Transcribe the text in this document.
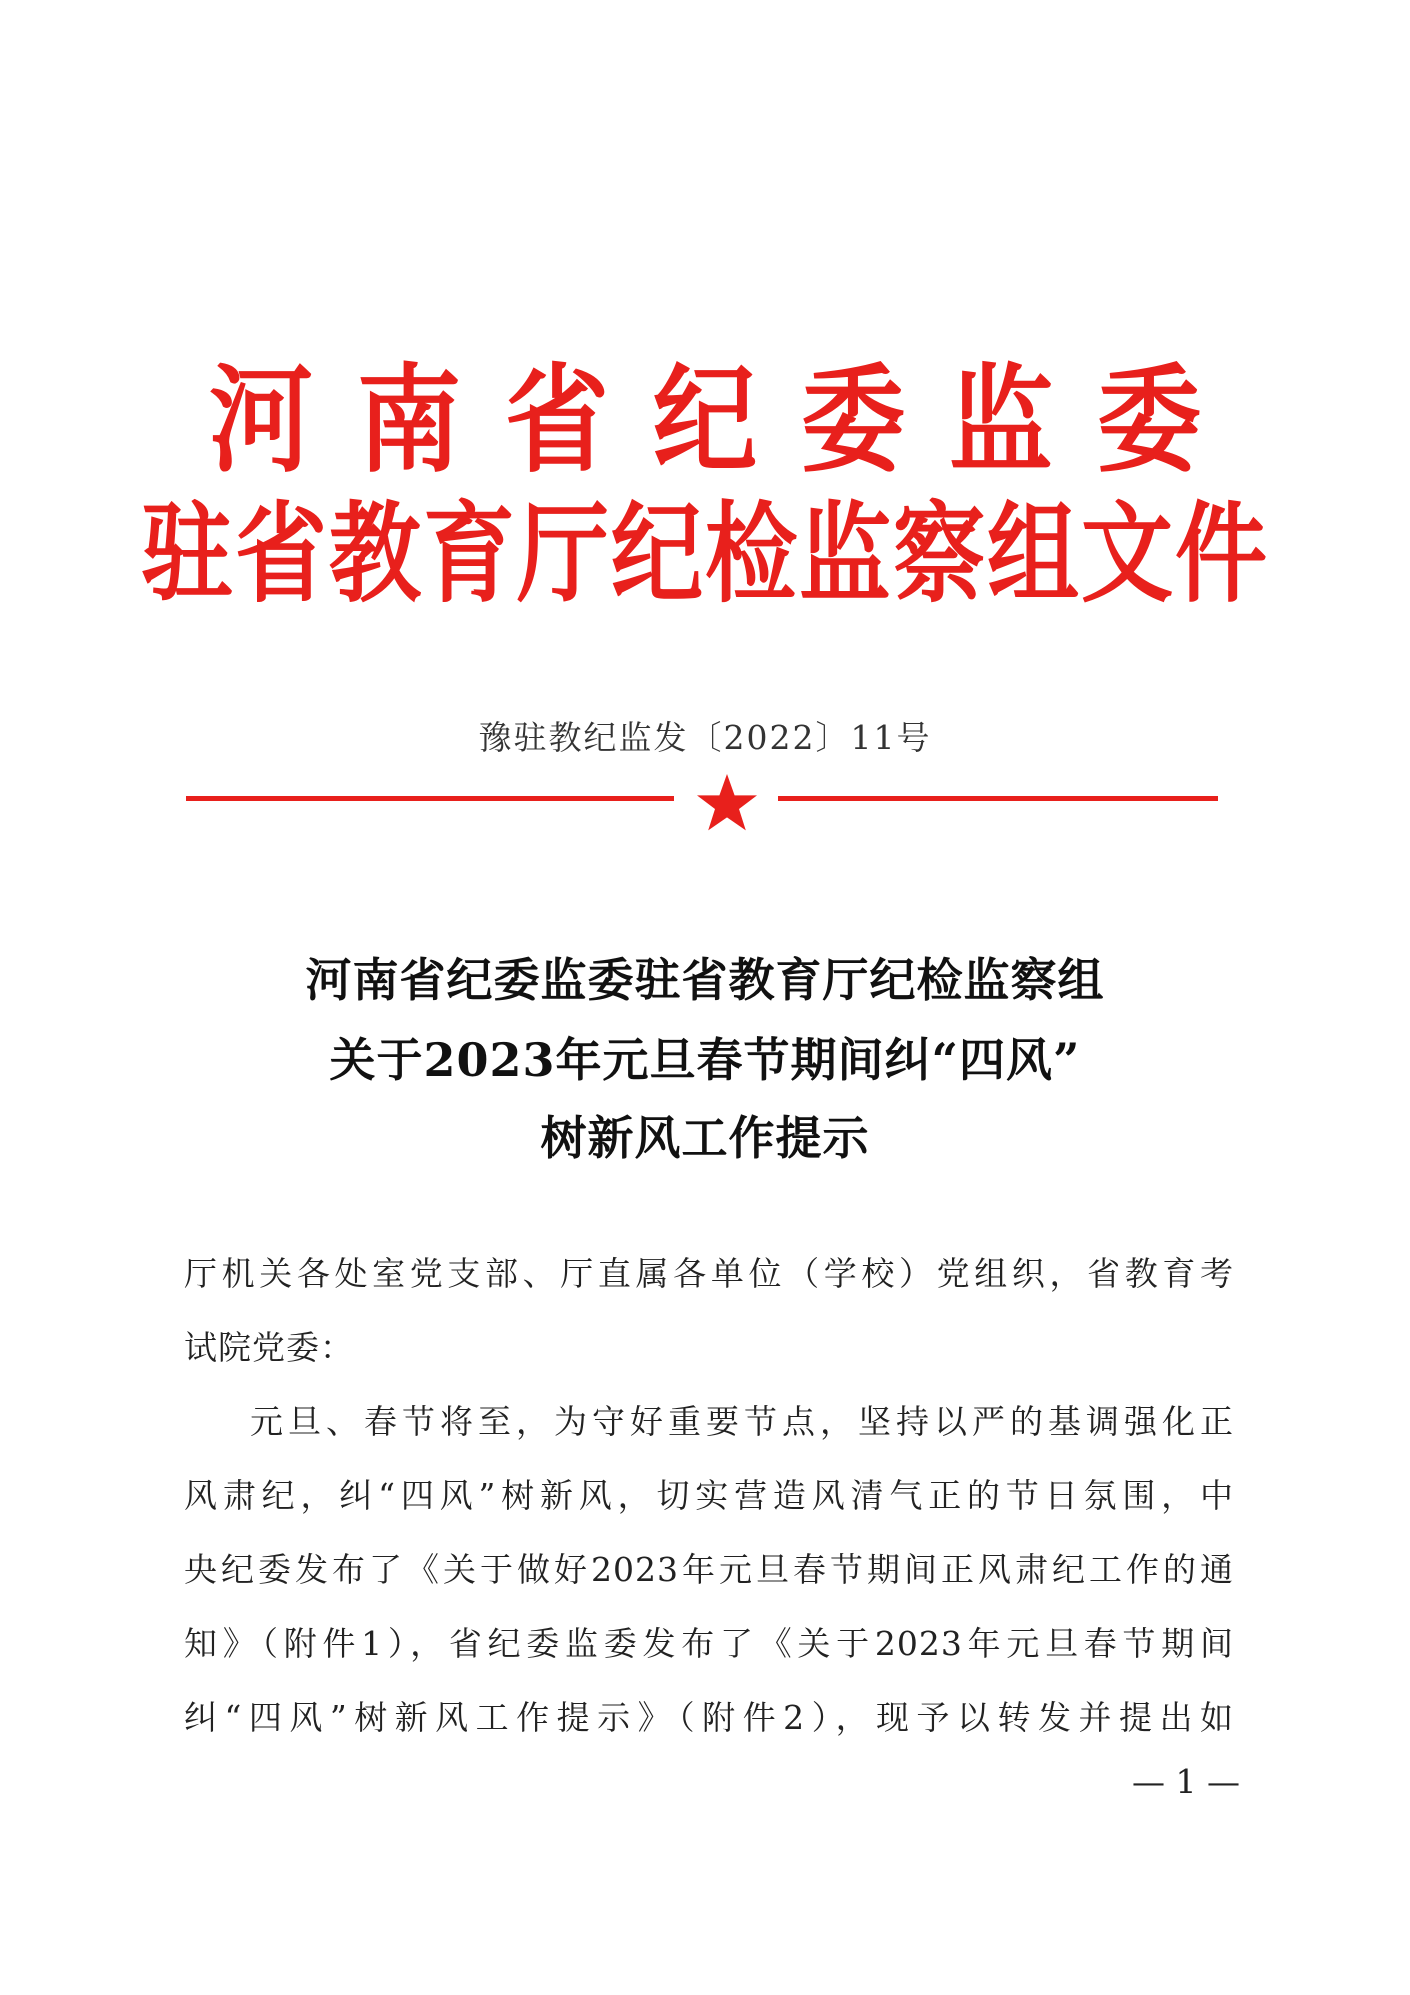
河南省纪委监委
驻省教育厅纪检监察组文件
豫驻教纪监发〔2022〕11号
河南省纪委监委驻省教育厅纪检监察组
关于2023年元旦春节期间纠“四风”
树新风工作提示
厅机关各处室党支部、厅直属各单位（学校）党组织，省教育考
试院党委：
元旦、春节将至，为守好重要节点，坚持以严的基调强化正
风肃纪，纠“四风”树新风，切实营造风清气正的节日氛围，中
央纪委发布了《关于做好2023年元旦春节期间正风肃纪工作的通
知》（附件1），省纪委监委发布了《关于2023年元旦春节期间
纠“四风”树新风工作提示》（附件2），现予以转发并提出如
— 1 —
